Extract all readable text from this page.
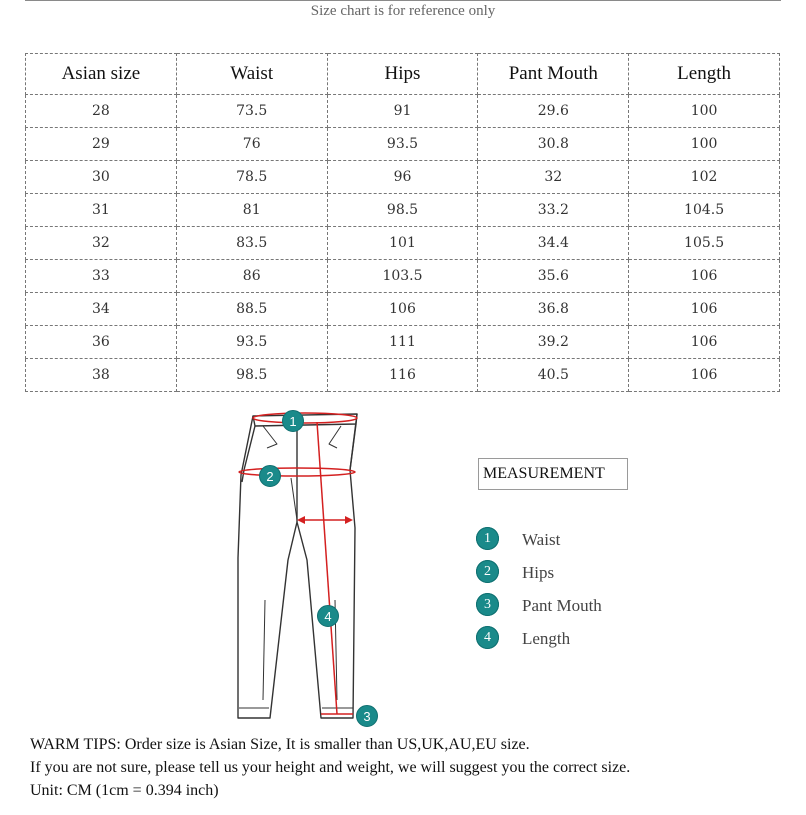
Size chart is for reference only
Asian size	Waist	Hips	Pant Mouth	Length
28	73.5	91	29.6	100
29	76	93.5	30.8	100
30	78.5	96	32	102
31	81	98.5	33.2	104.5
32	83.5	101	34.4	105.5
33	86	103.5	35.6	106
34	88.5	106	36.8	106
36	93.5	111	39.2	106
38	98.5	116	40.5	106
1
2
3
4
MEASUREMENT
1	Waist
2	Hips
3	Pant Mouth
4	Length
WARM TIPS: Order size is Asian Size, It is smaller than US,UK,AU,EU size.
If you are not sure, please tell us your height and weight, we will suggest you the correct size.
Unit: CM (1cm = 0.394 inch)
